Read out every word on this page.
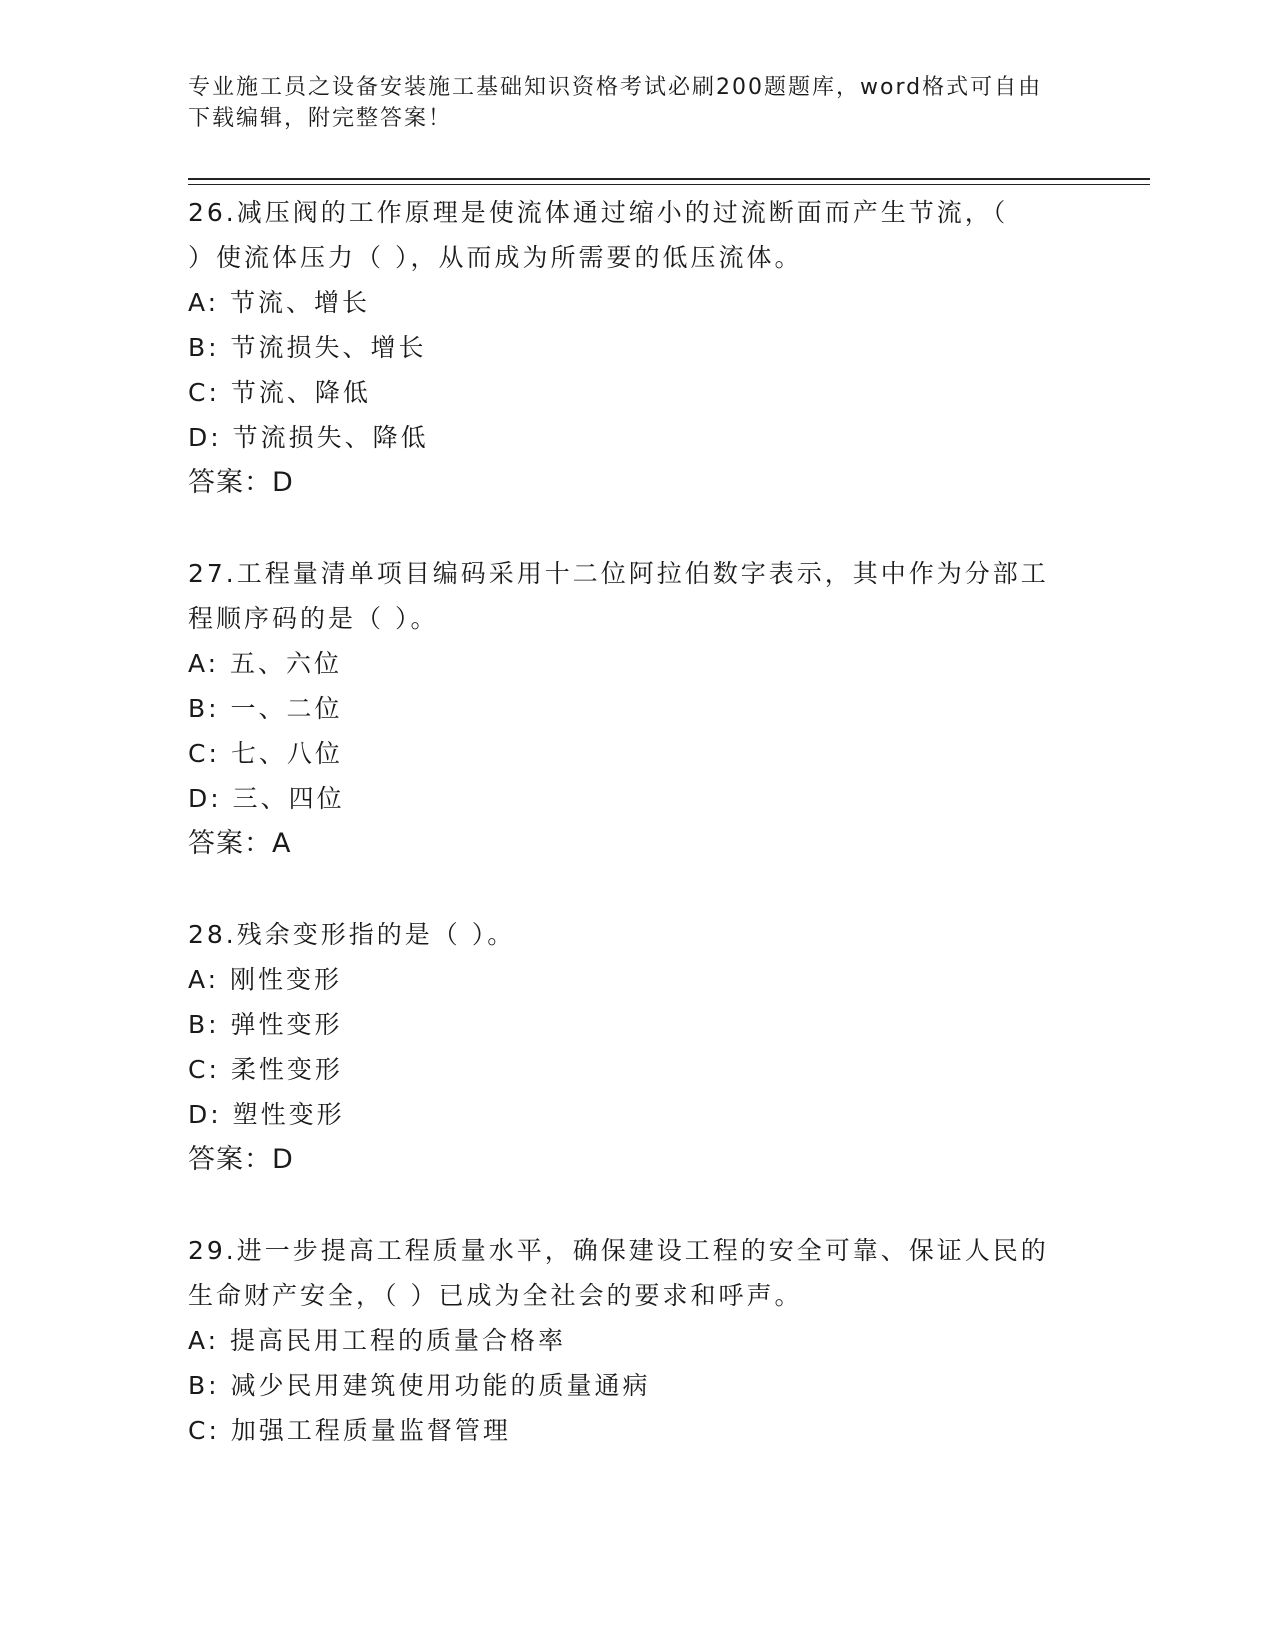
专业施工员之设备安装施工基础知识资格考试必刷200题题库，word格式可自由
下载编辑，附完整答案！

26.减压阀的工作原理是使流体通过缩小的过流断面而产生节流，（
）使流体压力（ ），从而成为所需要的低压流体。

A: 节流、增长

B: 节流损失、增长

C: 节流、降低

D: 节流损失、降低

答案：D

27.工程量清单项目编码采用十二位阿拉伯数字表示，其中作为分部工
程顺序码的是（ ）。

A: 五、六位

B: 一、二位

C: 七、八位

D: 三、四位

答案：A

28.残余变形指的是（ ）。

A: 刚性变形

B: 弹性变形

C: 柔性变形

D: 塑性变形

答案：D

29.进一步提高工程质量水平，确保建设工程的安全可靠、保证人民的
生命财产安全，（ ）已成为全社会的要求和呼声。

A: 提高民用工程的质量合格率

B: 减少民用建筑使用功能的质量通病

C: 加强工程质量监督管理
